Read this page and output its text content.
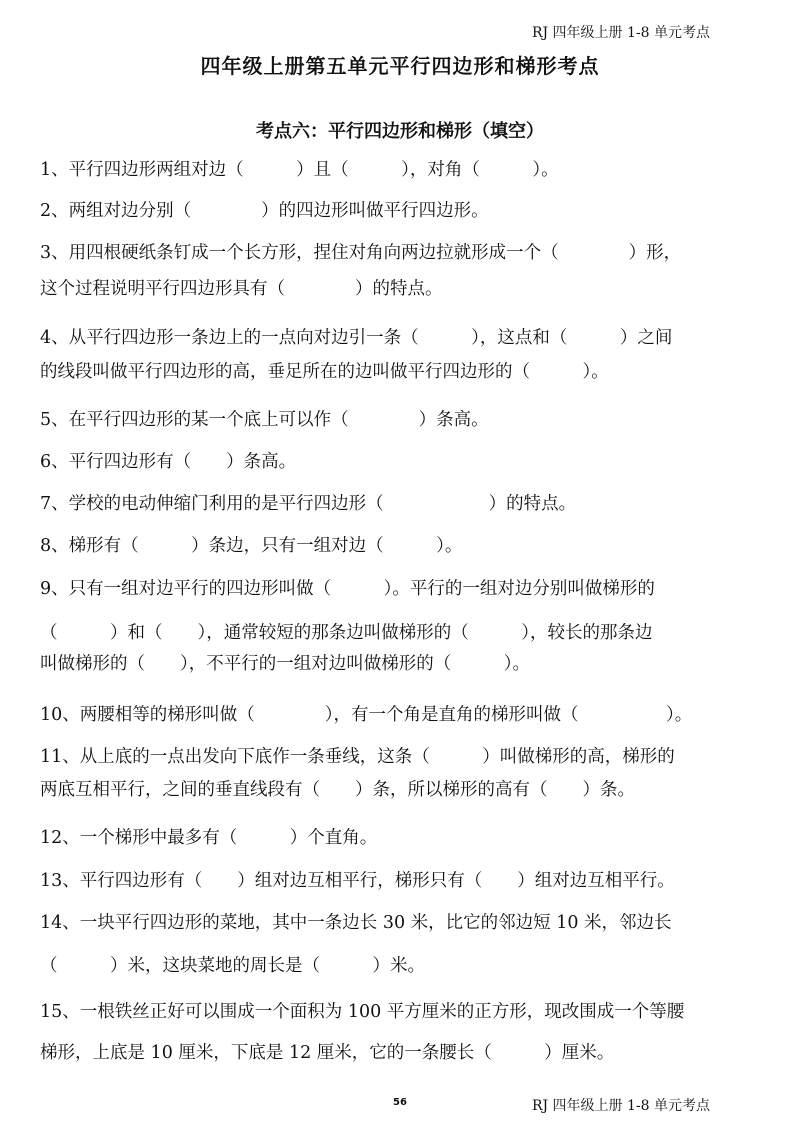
RJ 四年级上册 1-8 单元考点
四年级上册第五单元平行四边形和梯形考点
考点六：平行四边形和梯形（填空）
1、平行四边形两组对边（　　　）且（　　　），对角（　　　）。
2、两组对边分别（　　　　）的四边形叫做平行四边形。
3、用四根硬纸条钉成一个长方形，捏住对角向两边拉就形成一个（　　　　）形，
这个过程说明平行四边形具有（　　　　）的特点。
4、从平行四边形一条边上的一点向对边引一条（　　　），这点和（　　　）之间
的线段叫做平行四边形的高，垂足所在的边叫做平行四边形的（　　　）。
5、在平行四边形的某一个底上可以作（　　　　）条高。
6、平行四边形有（　　）条高。
7、学校的电动伸缩门利用的是平行四边形（　　　　　　）的特点。
8、梯形有（　　　）条边，只有一组对边（　　　）。
9、只有一组对边平行的四边形叫做（　　　）。平行的一组对边分别叫做梯形的
（　　　）和（　　），通常较短的那条边叫做梯形的（　　　），较长的那条边
叫做梯形的（　　），不平行的一组对边叫做梯形的（　　　）。
10、两腰相等的梯形叫做（　　　　），有一个角是直角的梯形叫做（　　　　　）。
11、从上底的一点出发向下底作一条垂线，这条（　　　）叫做梯形的高，梯形的
两底互相平行，之间的垂直线段有（　　）条，所以梯形的高有（　　）条。
12、一个梯形中最多有（　　　）个直角。
13、平行四边形有（　　）组对边互相平行，梯形只有（　　）组对边互相平行。
14、一块平行四边形的菜地，其中一条边长 30 米，比它的邻边短 10 米，邻边长
（　　　）米，这块菜地的周长是（　　　）米。
15、一根铁丝正好可以围成一个面积为 100 平方厘米的正方形，现改围成一个等腰
梯形，上底是 10 厘米，下底是 12 厘米，它的一条腰长（　　　）厘米。
56	RJ 四年级上册 1-8 单元考点
